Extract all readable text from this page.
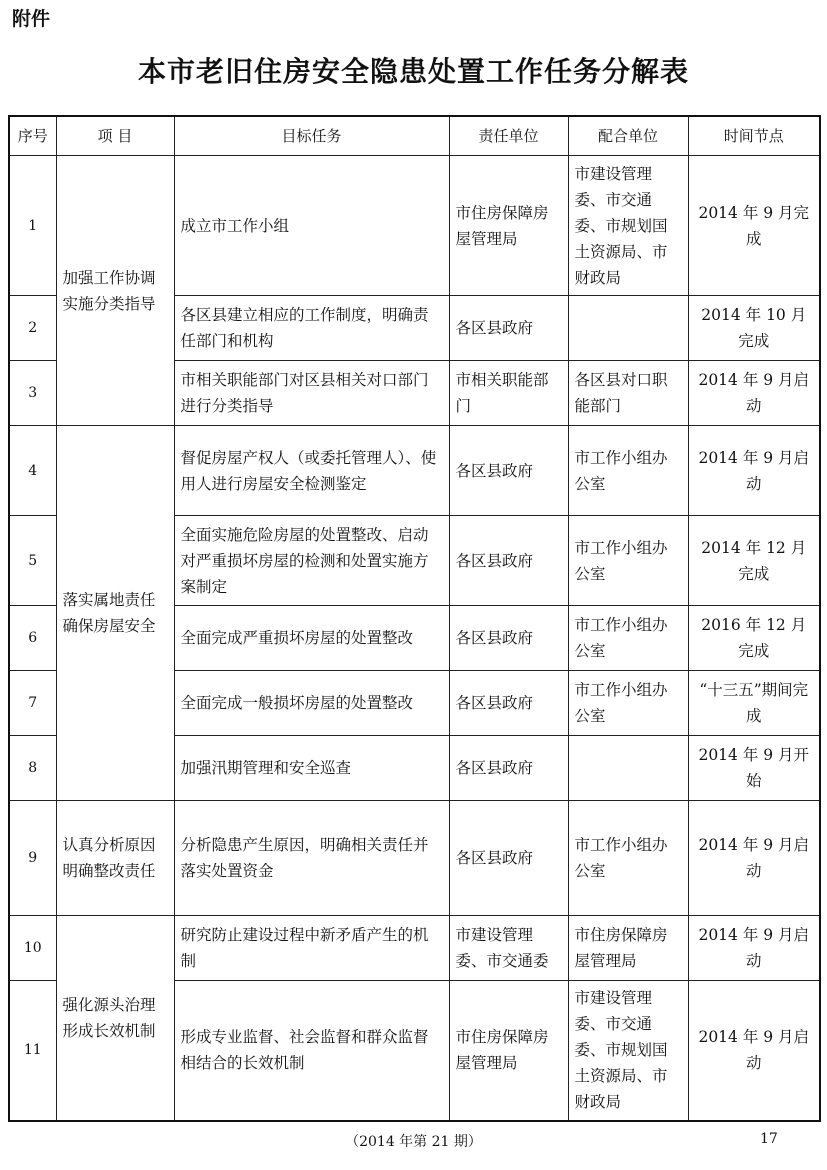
附件
本市老旧住房安全隐患处置工作任务分解表
序号	项 目	目标任务	责任单位	配合单位	时间节点
1	加强工作协调实施分类指导	成立市工作小组	市住房保障房屋管理局	市建设管理委、市交通委、市规划国土资源局、市财政局	2014 年 9 月完成
2		各区县建立相应的工作制度，明确责任部门和机构	各区县政府		2014 年 10 月完成
3		市相关职能部门对区县相关对口部门进行分类指导	市相关职能部门	各区县对口职能部门	2014 年 9 月启动
4	落实属地责任确保房屋安全	督促房屋产权人（或委托管理人）、使用人进行房屋安全检测鉴定	各区县政府	市工作小组办公室	2014 年 9 月启动
5		全面实施危险房屋的处置整改、启动对严重损坏房屋的检测和处置实施方案制定	各区县政府	市工作小组办公室	2014 年 12 月完成
6		全面完成严重损坏房屋的处置整改	各区县政府	市工作小组办公室	2016 年 12 月完成
7		全面完成一般损坏房屋的处置整改	各区县政府	市工作小组办公室	“十三五”期间完成
8		加强汛期管理和安全巡查	各区县政府		2014 年 9 月开始
9	认真分析原因明确整改责任	分析隐患产生原因，明确相关责任并落实处置资金	各区县政府	市工作小组办公室	2014 年 9 月启动
10	强化源头治理形成长效机制	研究防止建设过程中新矛盾产生的机制	市建设管理委、市交通委	市住房保障房屋管理局	2014 年 9 月启动
11		形成专业监督、社会监督和群众监督相结合的长效机制	市住房保障房屋管理局	市建设管理委、市交通委、市规划国土资源局、市财政局	2014 年 9 月启动
（2014 年第 21 期）	17
